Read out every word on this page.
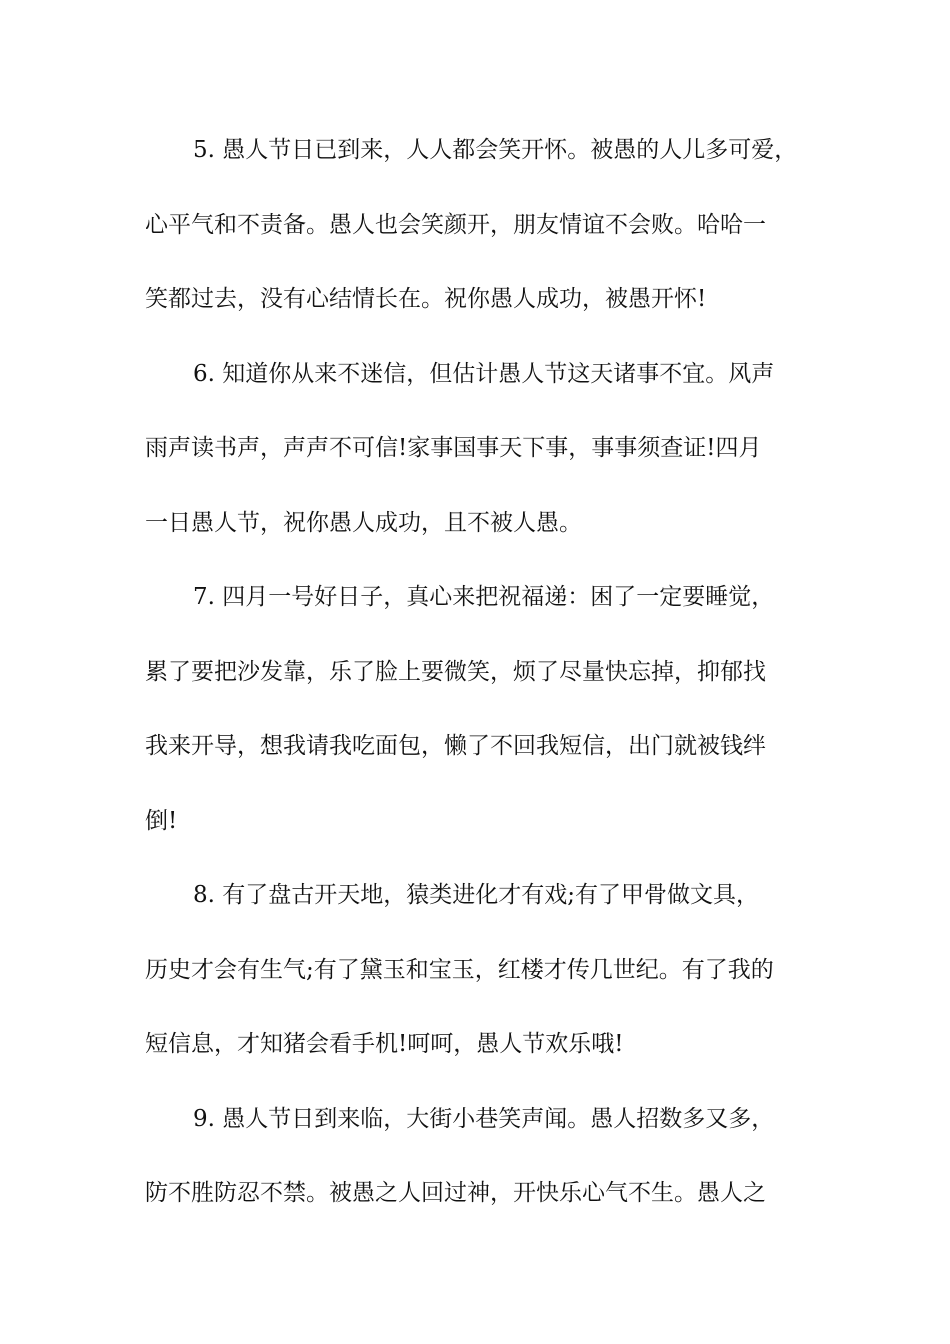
5. 愚人节日已到来，人人都会笑开怀。被愚的人儿多可爱，
心平气和不责备。愚人也会笑颜开，朋友情谊不会败。哈哈一
笑都过去，没有心结情长在。祝你愚人成功，被愚开怀!
6. 知道你从来不迷信，但估计愚人节这天诸事不宜。风声
雨声读书声，声声不可信!家事国事天下事，事事须查证!四月
一日愚人节，祝你愚人成功，且不被人愚。
7. 四月一号好日子，真心来把祝福递：困了一定要睡觉，
累了要把沙发靠，乐了脸上要微笑，烦了尽量快忘掉，抑郁找
我来开导，想我请我吃面包，懒了不回我短信，出门就被钱绊
倒!
8. 有了盘古开天地，猿类进化才有戏;有了甲骨做文具，
历史才会有生气;有了黛玉和宝玉，红楼才传几世纪。有了我的
短信息，才知猪会看手机!呵呵，愚人节欢乐哦!
9. 愚人节日到来临，大街小巷笑声闻。愚人招数多又多，
防不胜防忍不禁。被愚之人回过神，开快乐心气不生。愚人之
